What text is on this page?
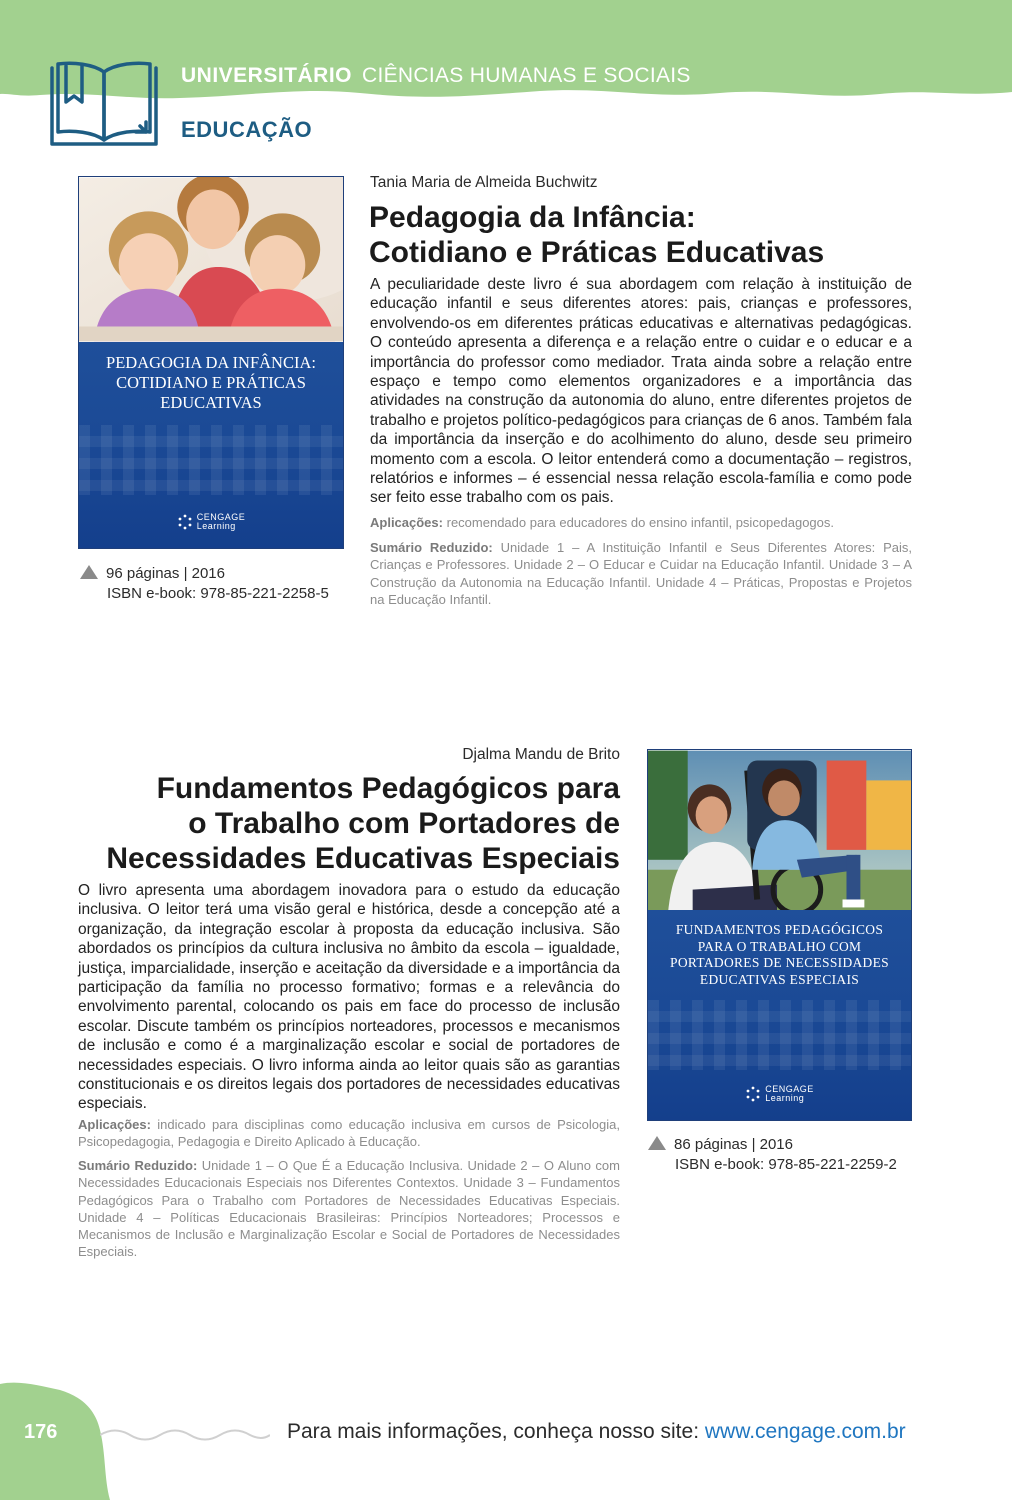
UNIVERSITÁRIO CIÊNCIAS HUMANAS E SOCIAIS
EDUCAÇÃO
PEDAGOGIA DA INFÂNCIA:
COTIDIANO E PRÁTICAS
EDUCATIVAS
CENGAGE
Learning
96 páginas | 2016
ISBN e-book: 978-85-221-2258-5
Tania Maria de Almeida Buchwitz
Pedagogia da Infância:
Cotidiano e Práticas Educativas
A peculiaridade deste livro é sua abordagem com relação à instituição de educação infantil e seus diferentes atores: pais, crianças e professores, envolvendo-os em diferentes práticas educativas e alternativas pedagógicas. O conteúdo apresenta a diferença e a relação entre o cuidar e o educar e a importância do professor como mediador. Trata ainda sobre a relação entre espaço e tempo como elementos organizadores e a importância das atividades na construção da autonomia do aluno, entre diferentes projetos de trabalho e projetos político-pedagógicos para crianças de 6 anos. Também fala da importância da inserção e do acolhimento do aluno, desde seu primeiro momento com a escola. O leitor entenderá como a documentação – registros, relatórios e informes – é essencial nessa relação escola-família e como pode ser feito esse trabalho com os pais.
Aplicações: recomendado para educadores do ensino infantil, psicopedagogos.
Sumário Reduzido: Unidade 1 – A Instituição Infantil e Seus Diferentes Atores: Pais, Crianças e Professores. Unidade 2 – O Educar e Cuidar na Educação Infantil. Unidade 3 – A Construção da Autonomia na Educação Infantil. Unidade 4 – Práticas, Propostas e Projetos na Educação Infantil.
Djalma Mandu de Brito
Fundamentos Pedagógicos para
o Trabalho com Portadores de
Necessidades Educativas Especiais
O livro apresenta uma abordagem inovadora para o estudo da educação inclusiva. O leitor terá uma visão geral e histórica, desde a concepção até a organização, da integração escolar à proposta da educação inclusiva. São abordados os princípios da cultura inclusiva no âmbito da escola – igualdade, justiça, imparcialidade, inserção e aceitação da diversidade e a importância da participação da família no processo formativo; formas e a relevância do envolvimento parental, colocando os pais em face do processo de inclusão escolar. Discute também os princípios norteadores, processos e mecanismos de inclusão e como é a marginalização escolar e social de portadores de necessidades especiais. O livro informa ainda ao leitor quais são as garantias constitucionais e os direitos legais dos portadores de necessidades educativas especiais.
Aplicações: indicado para disciplinas como educação inclusiva em cursos de Psicologia, Psicopedagogia, Pedagogia e Direito Aplicado à Educação.
Sumário Reduzido: Unidade 1 – O Que É a Educação Inclusiva. Unidade 2 – O Aluno com Necessidades Educacionais Especiais nos Diferentes Contextos. Unidade 3 – Fundamentos Pedagógicos Para o Trabalho com Portadores de Necessidades Educativas Especiais. Unidade 4 – Políticas Educacionais Brasileiras: Princípios Norteadores; Processos e Mecanismos de Inclusão e Marginalização Escolar e Social de Portadores de Necessidades Especiais.
FUNDAMENTOS PEDAGÓGICOS
PARA O TRABALHO COM
PORTADORES DE NECESSIDADES
EDUCATIVAS ESPECIAIS
CENGAGE
Learning
86 páginas | 2016
ISBN e-book: 978-85-221-2259-2
176	Para mais informações, conheça nosso site: www.cengage.com.br
